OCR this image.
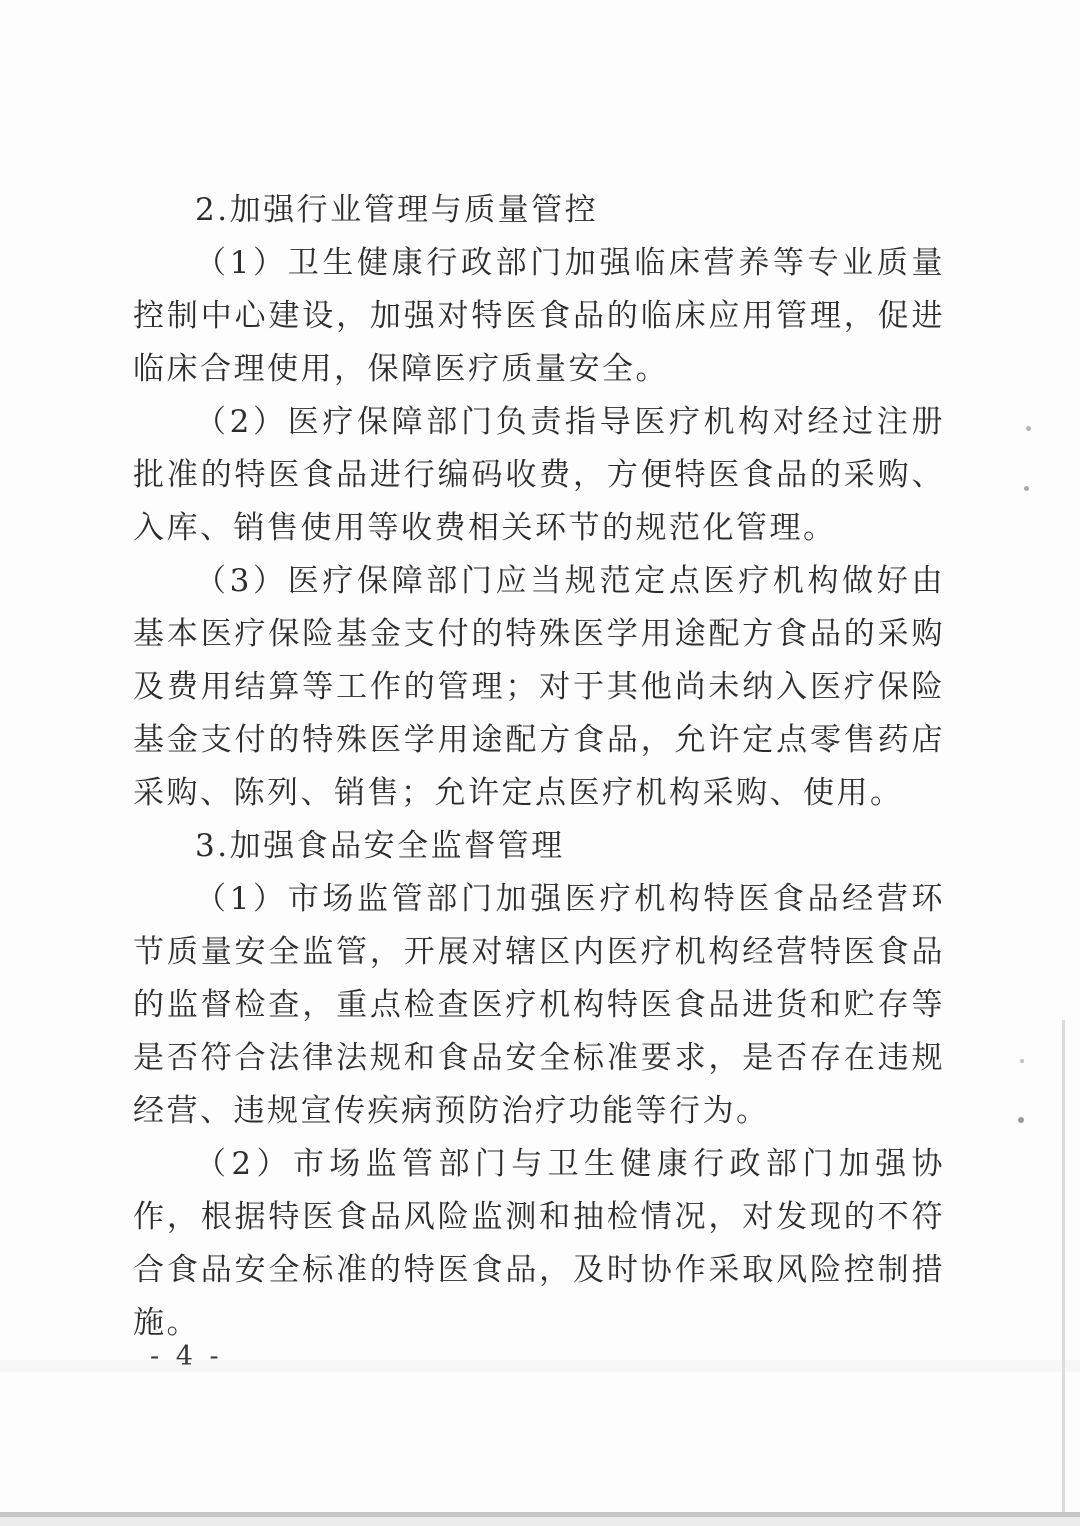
2.加强行业管理与质量管控

（1）卫生健康行政部门加强临床营养等专业质量控制中心建设，加强对特医食品的临床应用管理，促进临床合理使用，保障医疗质量安全。

（2）医疗保障部门负责指导医疗机构对经过注册批准的特医食品进行编码收费，方便特医食品的采购、入库、销售使用等收费相关环节的规范化管理。

（3）医疗保障部门应当规范定点医疗机构做好由基本医疗保险基金支付的特殊医学用途配方食品的采购及费用结算等工作的管理；对于其他尚未纳入医疗保险基金支付的特殊医学用途配方食品，允许定点零售药店采购、陈列、销售；允许定点医疗机构采购、使用。

3.加强食品安全监督管理

（1）市场监管部门加强医疗机构特医食品经营环节质量安全监管，开展对辖区内医疗机构经营特医食品的监督检查，重点检查医疗机构特医食品进货和贮存等是否符合法律法规和食品安全标准要求，是否存在违规经营、违规宣传疾病预防治疗功能等行为。

（2）市场监管部门与卫生健康行政部门加强协作，根据特医食品风险监测和抽检情况，对发现的不符合食品安全标准的特医食品，及时协作采取风险控制措施。

- 4 -
